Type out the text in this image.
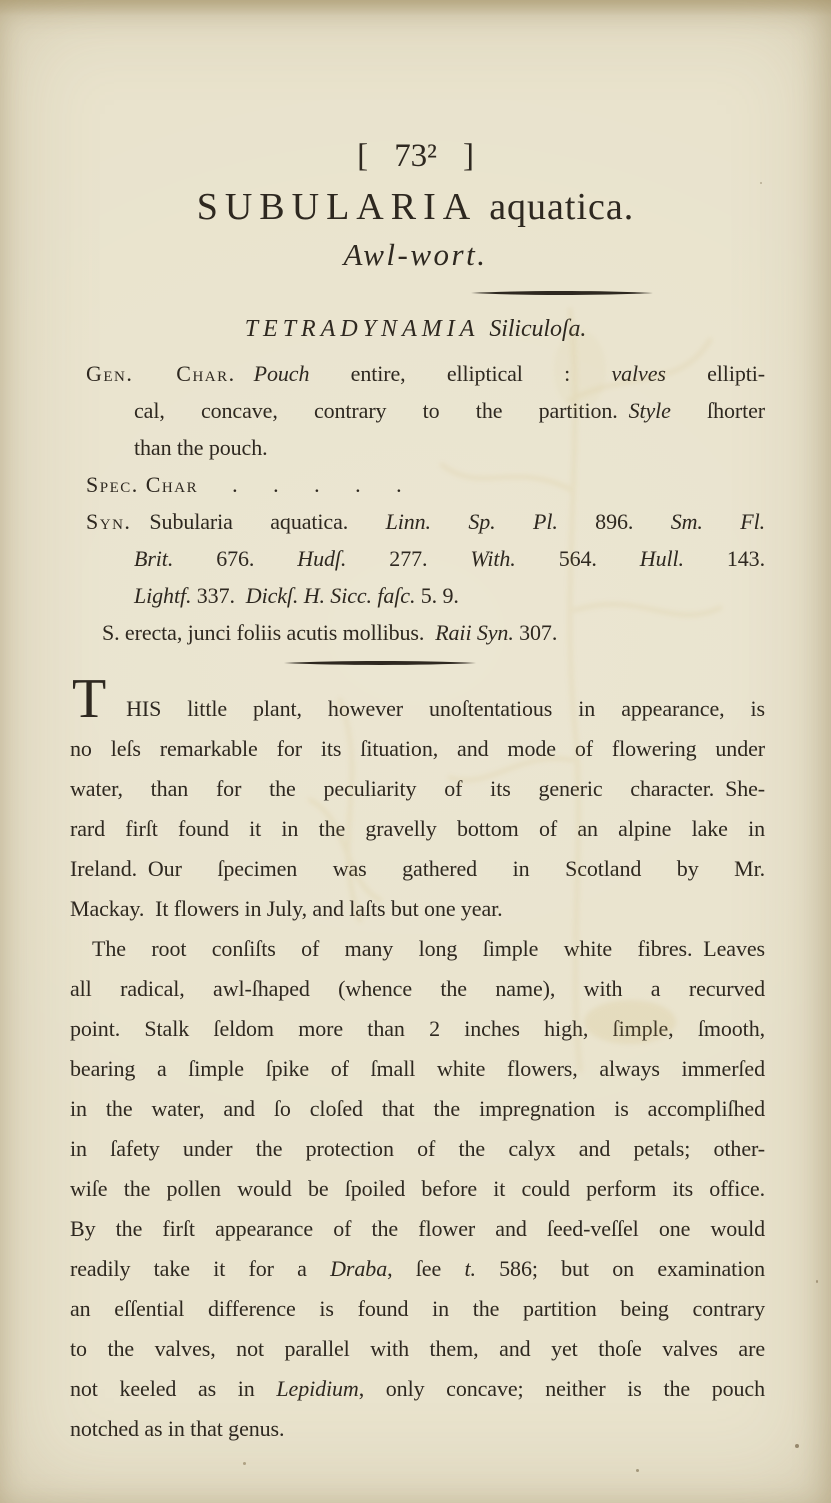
[ 73² ]
SUBULARIA aquatica.
Awl-wort.
TETRADYNAMIA Siliculoſa.
Gen. Char. Pouch entire, elliptical : valves ellipti-
cal, concave, contrary to the partition. Style ſhorter
than the pouch.
Spec. Char . . . . .
Syn. Subularia aquatica. Linn. Sp. Pl. 896. Sm. Fl.
Brit. 676. Hudſ. 277. With. 564. Hull. 143.
Lightf. 337. Dickſ. H. Sicc. faſc. 5. 9.
S. erecta, junci foliis acutis mollibus. Raii Syn. 307.
THIS little plant, however unoſtentatious in appearance, is
no leſs remarkable for its ſituation, and mode of flowering under
water, than for the peculiarity of its generic character. She-
rard firſt found it in the gravelly bottom of an alpine lake in
Ireland. Our ſpecimen was gathered in Scotland by Mr.
Mackay. It flowers in July, and laſts but one year.
The root conſiſts of many long ſimple white fibres. Leaves
all radical, awl-ſhaped (whence the name), with a recurved
point. Stalk ſeldom more than 2 inches high, ſimple, ſmooth,
bearing a ſimple ſpike of ſmall white flowers, always immerſed
in the water, and ſo cloſed that the impregnation is accompliſhed
in ſafety under the protection of the calyx and petals; other-
wiſe the pollen would be ſpoiled before it could perform its office.
By the firſt appearance of the flower and ſeed-veſſel one would
readily take it for a Draba, ſee t. 586; but on examination
an eſſential difference is found in the partition being contrary
to the valves, not parallel with them, and yet thoſe valves are
not keeled as in Lepidium, only concave; neither is the pouch
notched as in that genus.
